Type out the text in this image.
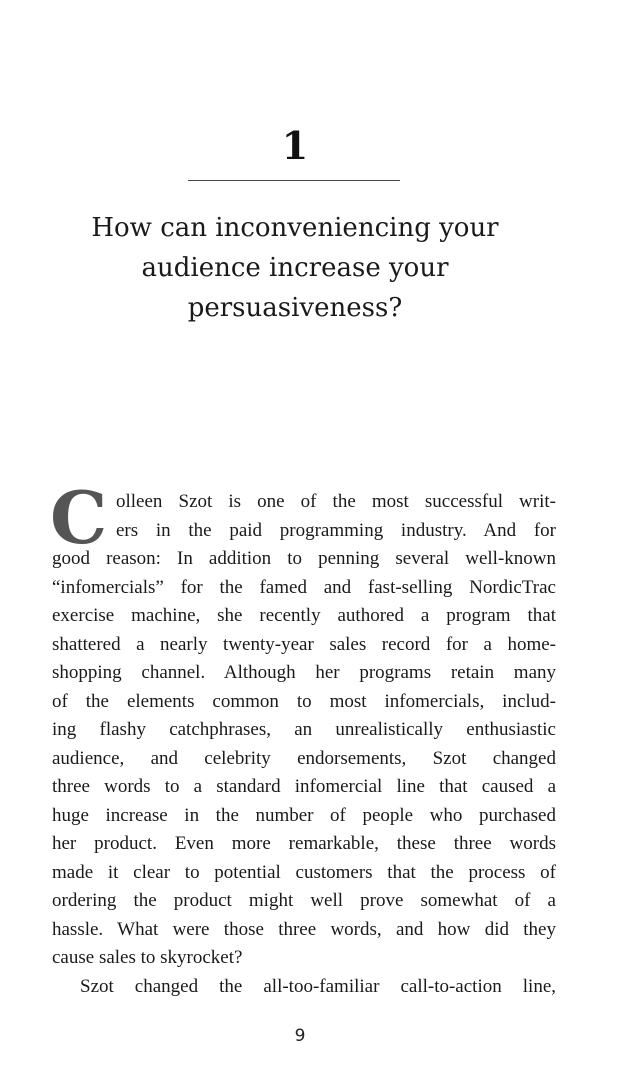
1
How can inconveniencing your
audience increase your
persuasiveness?
C olleen Szot is one of the most successful writ-
ers in the paid programming industry. And for
good reason: In addition to penning several well-known
“infomercials” for the famed and fast-selling NordicTrac
exercise machine, she recently authored a program that
shattered a nearly twenty-year sales record for a home-
shopping channel. Although her programs retain many
of the elements common to most infomercials, includ-
ing flashy catchphrases, an unrealistically enthusiastic
audience, and celebrity endorsements, Szot changed
three words to a standard infomercial line that caused a
huge increase in the number of people who purchased
her product. Even more remarkable, these three words
made it clear to potential customers that the process of
ordering the product might well prove somewhat of a
hassle. What were those three words, and how did they
cause sales to skyrocket?
Szot changed the all-too-familiar call-to-action line,
9
